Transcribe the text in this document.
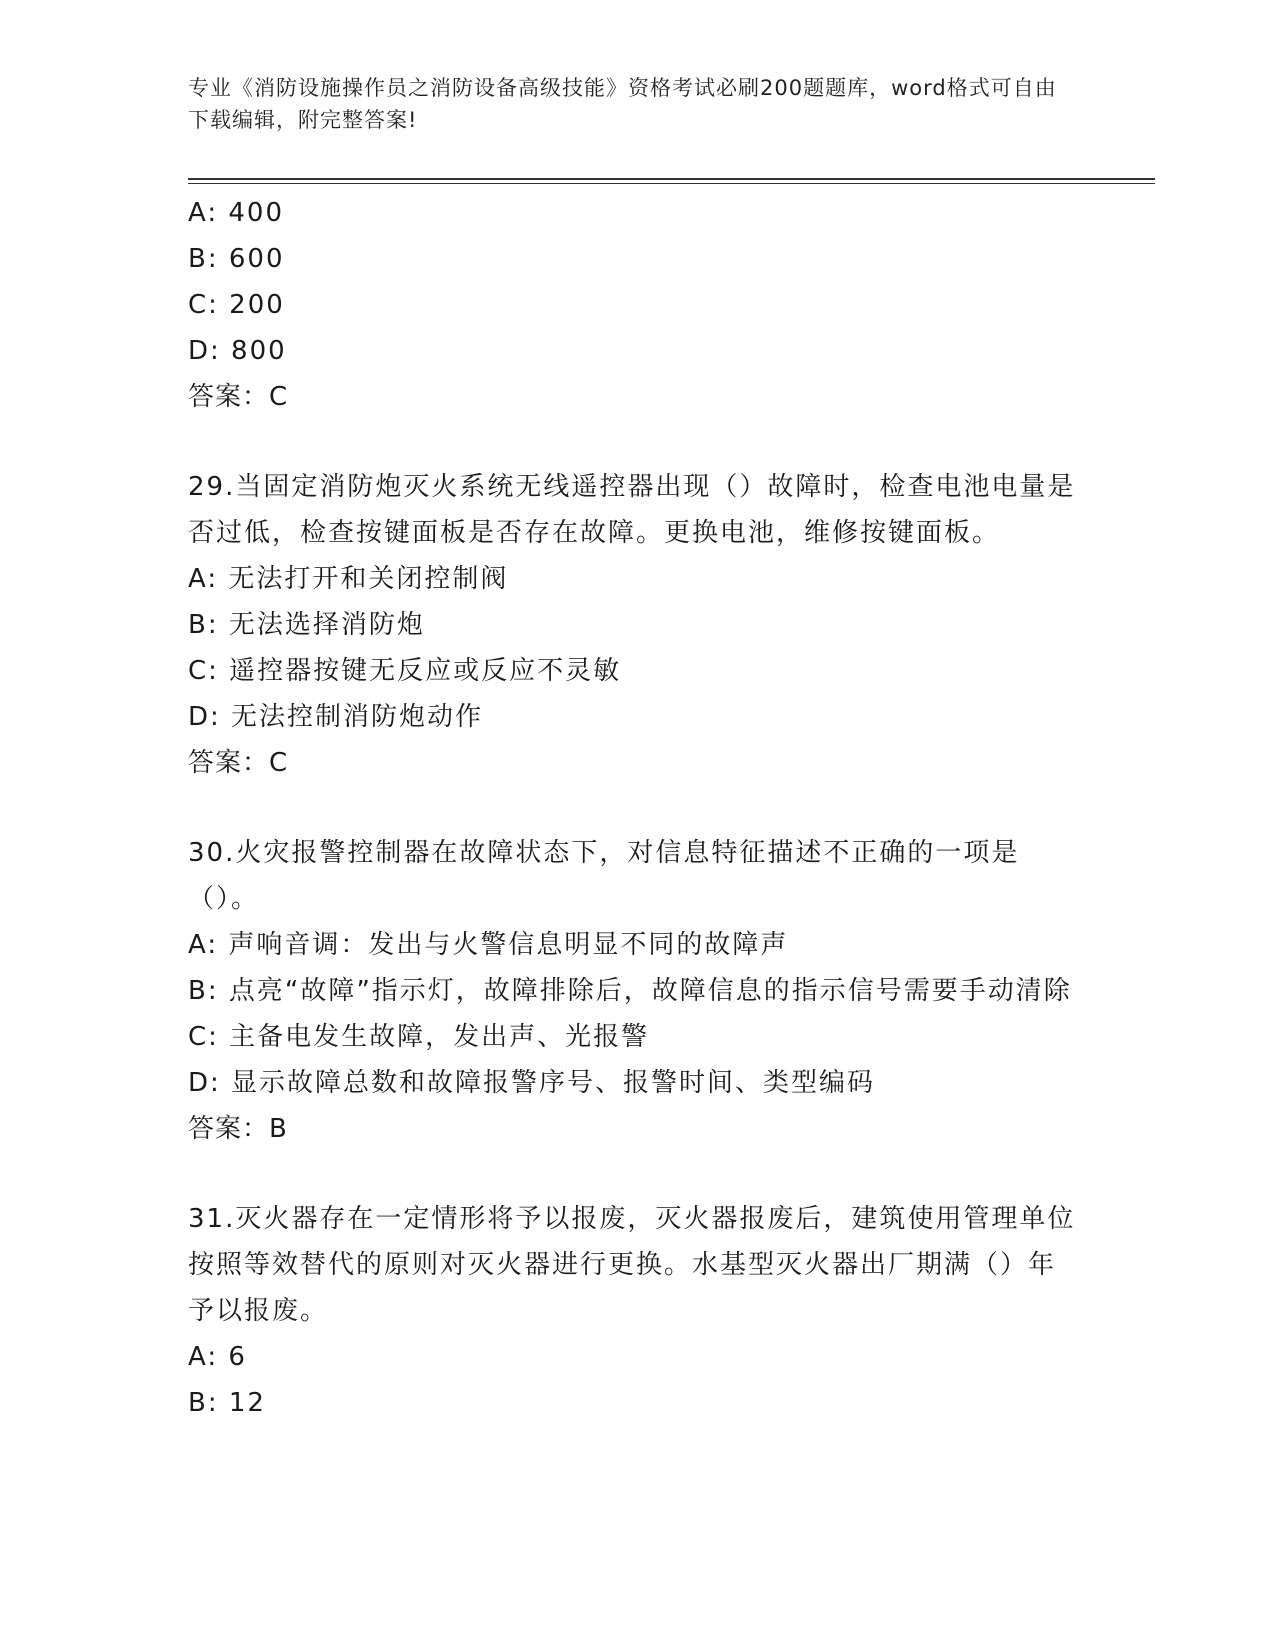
专业《消防设施操作员之消防设备高级技能》资格考试必刷200题题库，word格式可自由下载编辑，附完整答案!
A: 400
B: 600
C: 200
D: 800
答案：C
29.当固定消防炮灭火系统无线遥控器出现（）故障时，检查电池电量是否过低，检查按键面板是否存在故障。更换电池，维修按键面板。
A: 无法打开和关闭控制阀
B: 无法选择消防炮
C: 遥控器按键无反应或反应不灵敏
D: 无法控制消防炮动作
答案：C
30.火灾报警控制器在故障状态下，对信息特征描述不正确的一项是（）。
A: 声响音调：发出与火警信息明显不同的故障声
B: 点亮“故障”指示灯，故障排除后，故障信息的指示信号需要手动清除
C: 主备电发生故障，发出声、光报警
D: 显示故障总数和故障报警序号、报警时间、类型编码
答案：B
31.灭火器存在一定情形将予以报废，灭火器报废后，建筑使用管理单位按照等效替代的原则对灭火器进行更换。水基型灭火器出厂期满（）年予以报废。
A: 6
B: 12
